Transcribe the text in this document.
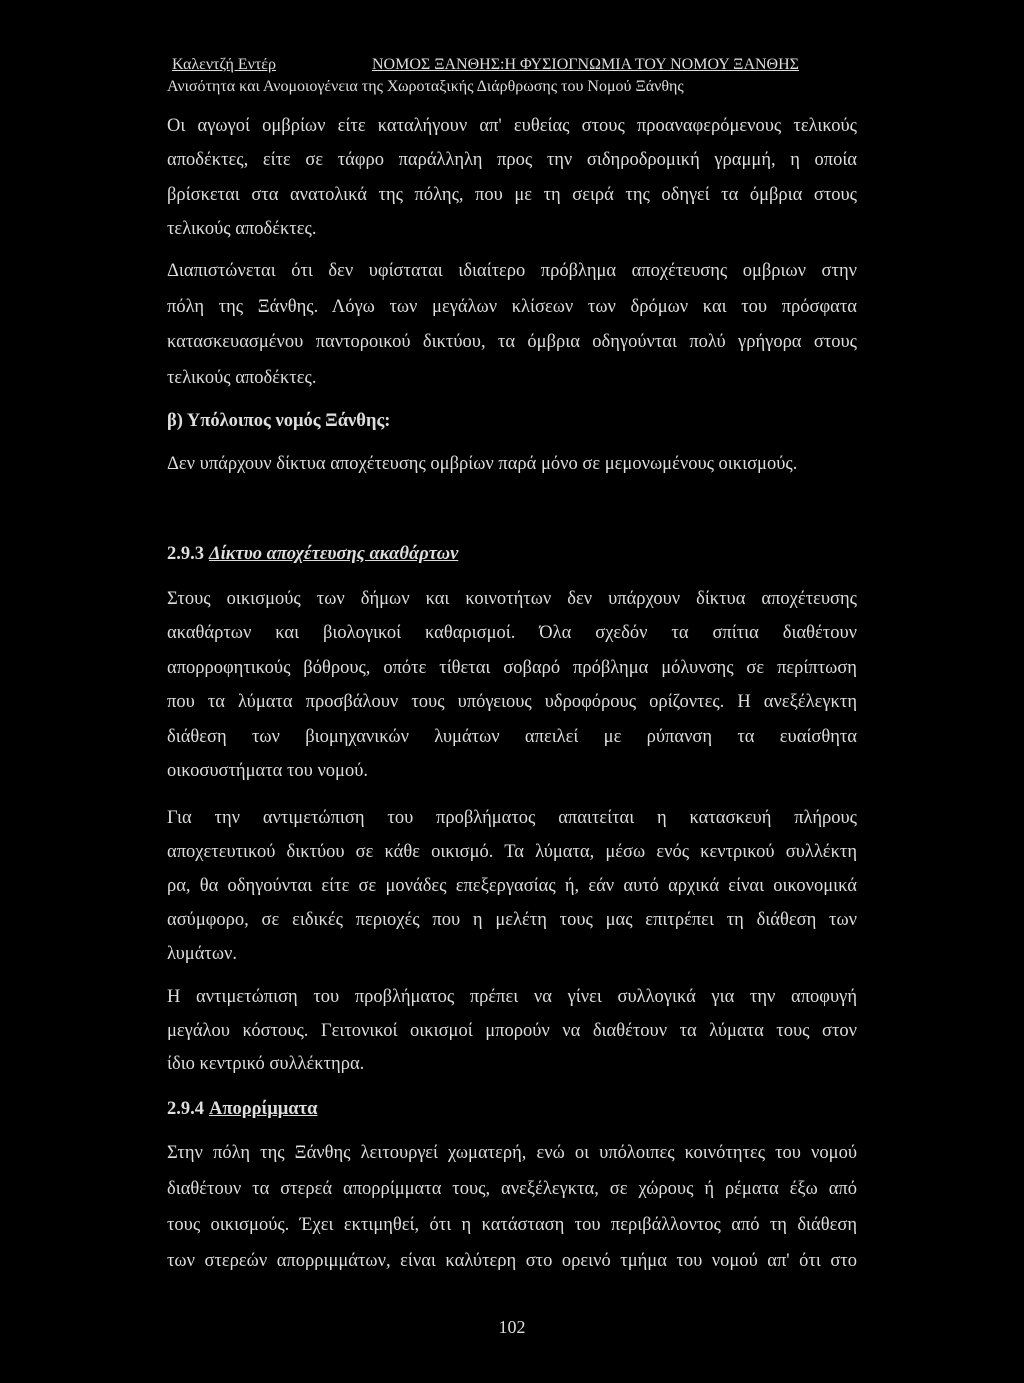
Καλεντζή Εντέρ	ΝΟΜΟΣ ΞΑΝΘΗΣ:Η ΦΥΣΙΟΓΝΩΜΙΑ ΤΟΥ ΝΟΜΟΥ ΞΑΝΘΗΣ
Ανισότητα και Ανομοιογένεια της Χωροταξικής Διάρθρωσης του Νομού Ξάνθης
Οι αγωγοί ομβρίων είτε καταλήγουν απ' ευθείας στους προαναφερόμενους τελικούς
αποδέκτες, είτε σε τάφρο παράλληλη προς την σιδηροδρομική γραμμή, η οποία
βρίσκεται στα ανατολικά της πόλης, που με τη σειρά της οδηγεί τα όμβρια στους
τελικούς αποδέκτες.
Διαπιστώνεται ότι δεν υφίσταται ιδιαίτερο πρόβλημα αποχέτευσης ομβριων στην
πόλη της Ξάνθης. Λόγω των μεγάλων κλίσεων των δρόμων και του πρόσφατα
κατασκευασμένου παντοροικού δικτύου, τα όμβρια οδηγούνται πολύ γρήγορα στους
τελικούς αποδέκτες.
β) Υπόλοιπος νομός Ξάνθης:
Δεν υπάρχουν δίκτυα αποχέτευσης ομβρίων παρά μόνο σε μεμονωμένους οικισμούς.
2.9.3 Δίκτυο αποχέτευσης ακαθάρτων
Στους οικισμούς των δήμων και κοινοτήτων δεν υπάρχουν δίκτυα αποχέτευσης
ακαθάρτων και βιολογικοί καθαρισμοί. Όλα σχεδόν τα σπίτια διαθέτουν
απορροφητικούς βόθρους, οπότε τίθεται σοβαρό πρόβλημα μόλυνσης σε περίπτωση
που τα λύματα προσβάλουν τους υπόγειους υδροφόρους ορίζοντες. Η ανεξέλεγκτη
διάθεση των βιομηχανικών λυμάτων απειλεί με ρύπανση τα ευαίσθητα
οικοσυστήματα του νομού.
Για την αντιμετώπιση του προβλήματος απαιτείται η κατασκευή πλήρους
αποχετευτικού δικτύου σε κάθε οικισμό. Τα λύματα, μέσω ενός κεντρικού συλλέκτη
ρα, θα οδηγούνται είτε σε μονάδες επεξεργασίας ή, εάν αυτό αρχικά είναι οικονομικά
ασύμφορο, σε ειδικές περιοχές που η μελέτη τους μας επιτρέπει τη διάθεση των
λυμάτων.
Η αντιμετώπιση του προβλήματος πρέπει να γίνει συλλογικά για την αποφυγή
μεγάλου κόστους. Γειτονικοί οικισμοί μπορούν να διαθέτουν τα λύματα τους στον
ίδιο κεντρικό συλλέκτηρα.
2.9.4 Απορρίμματα
Στην πόλη της Ξάνθης λειτουργεί χωματερή, ενώ οι υπόλοιπες κοινότητες του νομού
διαθέτουν τα στερεά απορρίμματα τους, ανεξέλεγκτα, σε χώρους ή ρέματα έξω από
τους οικισμούς. Έχει εκτιμηθεί, ότι η κατάσταση του περιβάλλοντος από τη διάθεση
των στερεών απορριμμάτων, είναι καλύτερη στο ορεινό τμήμα του νομού απ' ότι στο
102
